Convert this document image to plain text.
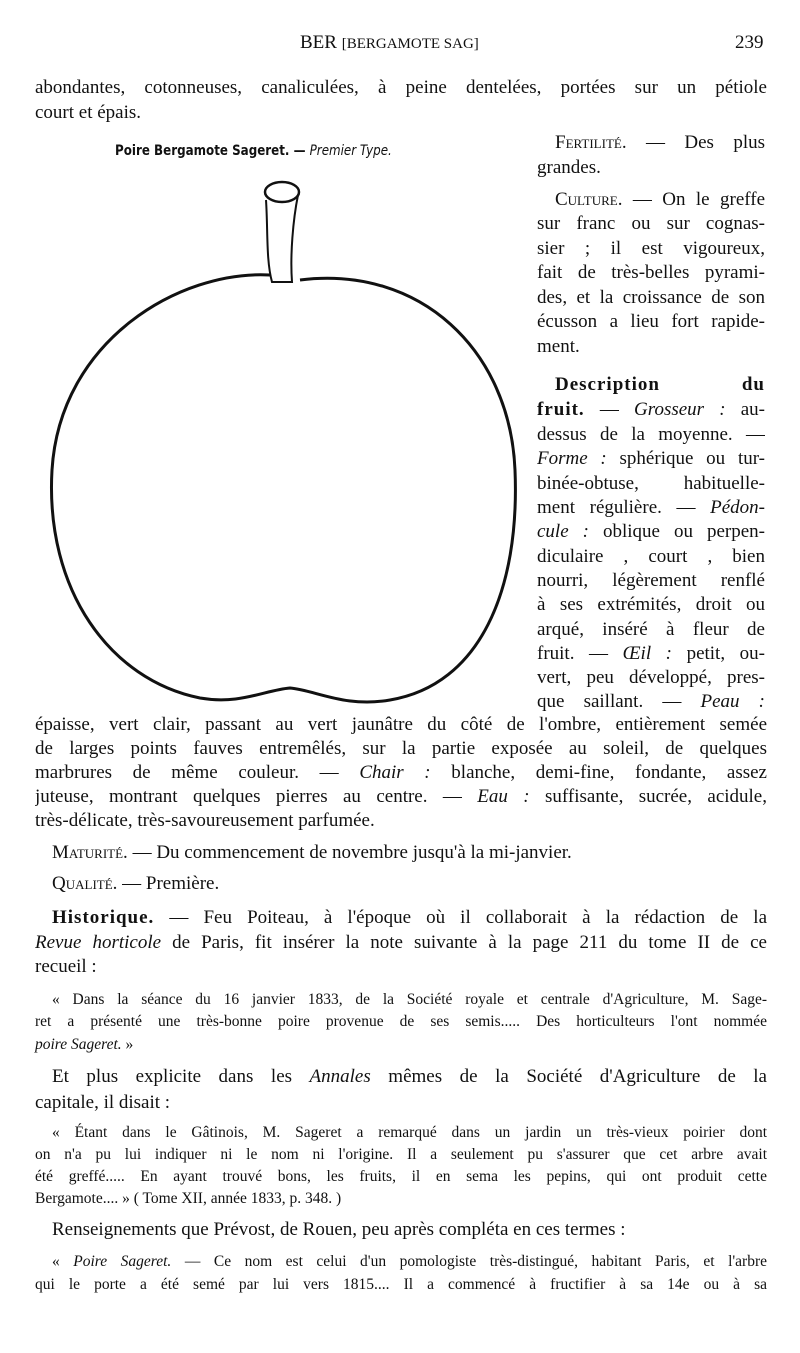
BER [BERGAMOTE SAG]	239
Poire Bergamote Sageret. — Premier Type.
abondantes, cotonneuses, canaliculées, à peine dentelées, portées sur un pétiole
court et épais.
Fertilité. — Des plus
grandes.
Culture. — On le greffe
sur franc ou sur cognas-
sier ; il est vigoureux,
fait de très-belles pyrami-
des, et la croissance de son
écusson a lieu fort rapide-
ment.
Description du
fruit. — Grosseur : au-
dessus de la moyenne. —
Forme : sphérique ou tur-
binée-obtuse, habituelle-
ment régulière. — Pédon-
cule : oblique ou perpen-
diculaire , court , bien
nourri, légèrement renflé
à ses extrémités, droit ou
arqué, inséré à fleur de
fruit. — Œil : petit, ou-
vert, peu développé, pres-
que saillant. — Peau :
épaisse, vert clair, passant au vert jaunâtre du côté de l'ombre, entièrement semée
de larges points fauves entremêlés, sur la partie exposée au soleil, de quelques
marbrures de même couleur. — Chair : blanche, demi-fine, fondante, assez
juteuse, montrant quelques pierres au centre. — Eau : suffisante, sucrée, acidule,
très-délicate, très-savoureusement parfumée.
Maturité. — Du commencement de novembre jusqu'à la mi-janvier.
Qualité. — Première.
Historique. — Feu Poiteau, à l'époque où il collaborait à la rédaction de la
Revue horticole de Paris, fit insérer la note suivante à la page 211 du tome II de ce
recueil :
« Dans la séance du 16 janvier 1833, de la Société royale et centrale d'Agriculture, M. Sage-
ret a présenté une très-bonne poire provenue de ses semis..... Des horticulteurs l'ont nommée
poire Sageret. »
Et plus explicite dans les Annales mêmes de la Société d'Agriculture de la
capitale, il disait :
« Étant dans le Gâtinois, M. Sageret a remarqué dans un jardin un très-vieux poirier dont
on n'a pu lui indiquer ni le nom ni l'origine. Il a seulement pu s'assurer que cet arbre avait
été greffé..... En ayant trouvé bons, les fruits, il en sema les pepins, qui ont produit cette
Bergamote.... » ( Tome XII, année 1833, p. 348. )
Renseignements que Prévost, de Rouen, peu après compléta en ces termes :
« Poire Sageret. — Ce nom est celui d'un pomologiste très-distingué, habitant Paris, et l'arbre
qui le porte a été semé par lui vers 1815.... Il a commencé à fructifier à sa 14e ou à sa
